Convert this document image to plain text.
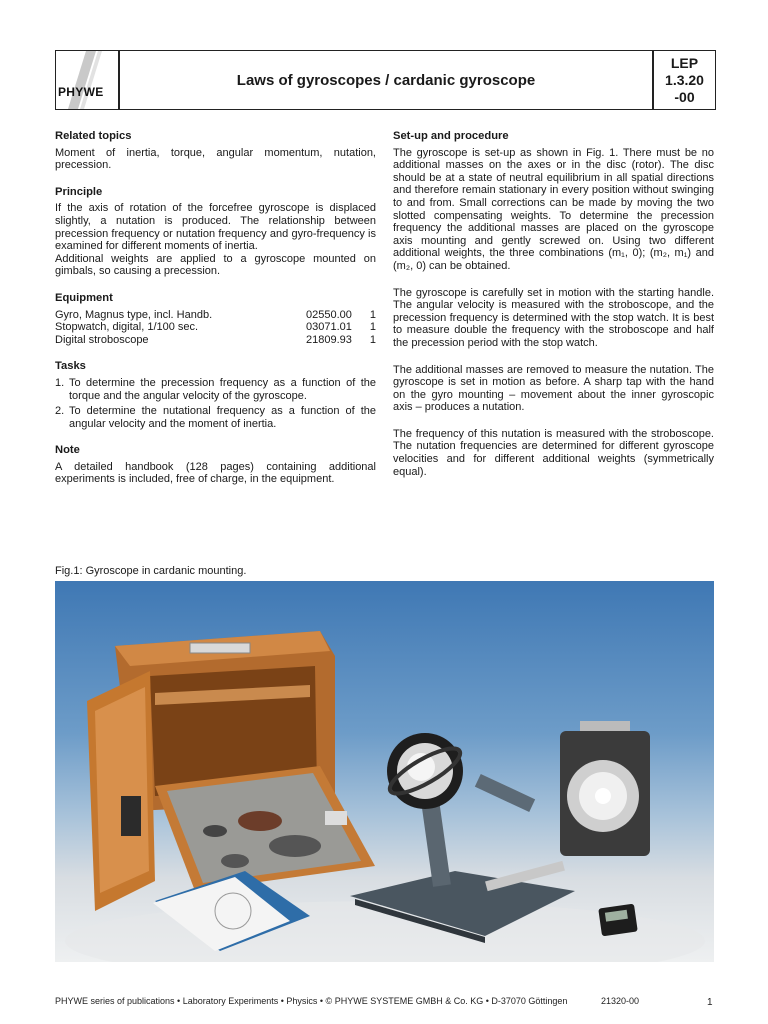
PHYWE
Laws of gyroscopes / cardanic gyroscope
LEP
1.3.20
-00
Related topics

Moment of inertia, torque, angular momentum, nutation, precession.

Principle

If the axis of rotation of the forcefree gyroscope is displaced slightly, a nutation is produced. The relationship between precession frequency or nutation frequency and gyro-frequency is examined for different moments of inertia.

Additional weights are applied to a gyroscope mounted on gimbals, so causing a precession.

Equipment
Gyro, Magnus type, incl. Handb.	02550.00	1
Stopwatch, digital, 1/100 sec.	03071.01	1
Digital stroboscope	21809.93	1
Tasks
1. To determine the precession frequency as a function of the torque and the angular velocity of the gyroscope.

2. To determine the nutational frequency as a function of the angular velocity and the moment of inertia.

Note

A detailed handbook (128 pages) containing additional experiments is included, free of charge, in the equipment.

Set-up and procedure

The gyroscope is set-up as shown in Fig. 1. There must be no additional masses on the axes or in the disc (rotor). The disc should be at a state of neutral equilibrium in all spatial directions and therefore remain stationary in every position without swinging to and from. Small corrections can be made by moving the two slotted compensating weights. To determine the precession frequency the additional masses are placed on the gyroscope axis mounting and gently screwed on. Using two different additional weights, the three combinations (m₁, 0); (m₂, m₁) and (m₂, 0) can be obtained.

The gyroscope is carefully set in motion with the starting handle. The angular velocity is measured with the stroboscope, and the precession frequency is determined with the stop watch. It is best to measure double the frequency with the stroboscope and half the precession period with the stop watch.

The additional masses are removed to measure the nutation. The gyroscope is set in motion as before. A sharp tap with the hand on the gyro mounting – movement about the inner gyroscopic axis – produces a nutation.

The frequency of this nutation is measured with the stroboscope. The nutation frequencies are determined for different gyroscope velocities and for different additional weights (symmetrically equal).

Fig.1: Gyroscope in cardanic mounting.
PHYWE series of publications • Laboratory Experiments • Physics • © PHYWE SYSTEME GMBH & Co. KG • D-37070 Göttingen	21320-00	1
